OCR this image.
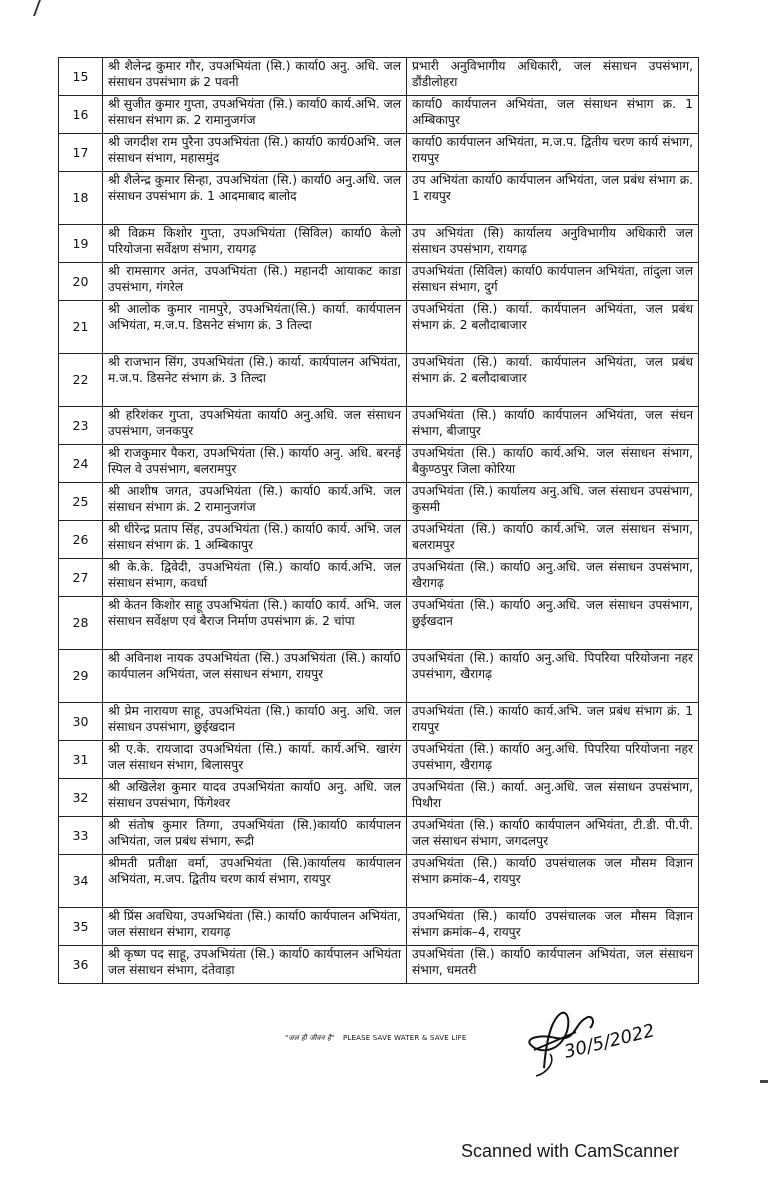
15	श्री शैलेन्द्र कुमार गौर, उपअभियंता (सि.) कार्या0 अनु. अधि. जल संसाधन उपसंभाग क्रं 2 पवनी	प्रभारी अनुविभागीय अधिकारी, जल संसाधन उपसंभाग, डौंडीलोहरा
16	श्री सुजीत कुमार गुप्ता, उपअभियंता (सि.) कार्या0 कार्य.अभि. जल संसाधन संभाग क्र. 2 रामानुजगंज	कार्या0 कार्यपालन अभियंता, जल संसाधन संभाग क्र. 1 अम्बिकापुर
17	श्री जगदीश राम पुरैना उपअभियंता (सि.) कार्या0 कार्य0अभि. जल संसाधन संभाग, महासमुंद	कार्या0 कार्यपालन अभियंता, म.ज.प. द्वितीय चरण कार्य संभाग, रायपुर
18	श्री शैलेन्द्र कुमार सिन्हा, उपअभियंता (सि.) कार्या0 अनु.अधि. जल संसाधन उपसंभाग क्रं. 1 आदमाबाद बालोद	उप अभियंता कार्या0 कार्यपालन अभियंता, जल प्रबंध संभाग क्र. 1 रायपुर
19	श्री विक्रम किशोर गुप्ता, उपअभियंता (सिविल) कार्या0 केलो परियोजना सर्वेक्षण संभाग, रायगढ़	उप अभियंता (सि) कार्यालय अनुविभागीय अधिकारी जल संसाधन उपसंभाग, रायगढ़
20	श्री रामसागर अनंत, उपअभियंता (सि.) महानदी आयाकट काडा उपसंभाग, गंगरेल	उपअभियंता (सिविल) कार्या0 कार्यपालन अभियंता, तांदुला जल संसाधन संभाग, दुर्ग
21	श्री आलोक कुमार नामपुरे, उपअभियंता(सि.) कार्या. कार्यपालन अभियंता, म.ज.प. डिसनेट संभाग क्रं. 3 तिल्दा	उपअभियंता (सि.) कार्या. कार्यपालन अभियंता, जल प्रबंध संभाग क्रं. 2 बलौदाबाजार
22	श्री राजभान सिंग, उपअभियंता (सि.) कार्या. कार्यपालन अभियंता, म.ज.प. डिसनेट संभाग क्रं. 3 तिल्दा	उपअभियंता (सि.) कार्या. कार्यपालन अभियंता, जल प्रबंध संभाग क्रं. 2 बलौदाबाजार
23	श्री हरिशंकर गुप्ता, उपअभियंता कार्या0 अनु.अधि. जल संसाधन उपसंभाग, जनकपुर	उपअभियंता (सि.) कार्या0 कार्यपालन अभियंता, जल संधन संभाग, बीजापुर
24	श्री राजकुमार पैकरा, उपअभियंता (सि.) कार्या0 अनु. अधि. बरनई स्पिल वे उपसंभाग, बलरामपुर	उपअभियंता (सि.) कार्या0 कार्य.अभि. जल संसाधन संभाग, बैकुण्ठपुर जिला कोरिया
25	श्री आशीष जगत, उपअभियंता (सि.) कार्या0 कार्य.अभि. जल संसाधन संभाग क्रं. 2 रामानुजगंज	उपअभियंता (सि.) कार्यालय अनु.अधि. जल संसाधन उपसंभाग, कुसमी
26	श्री धीरेन्द्र प्रताप सिंह, उपअभियंता (सि.) कार्या0 कार्य. अभि. जल संसाधन संभाग क्रं. 1 अम्बिकापुर	उपअभियंता (सि.) कार्या0 कार्य.अभि. जल संसाधन संभाग, बलरामपुर
27	श्री के.के. द्विवेदी, उपअभियंता (सि.) कार्या0 कार्य.अभि. जल संसाधन संभाग, कवर्धा	उपअभियंता (सि.) कार्या0 अनु.अधि. जल संसाधन उपसंभाग, खैरागढ़
28	श्री केतन किशोर साहू उपअभियंता (सि.) कार्या0 कार्य. अभि. जल संसाधन सर्वेक्षण एवं बैराज निर्माण उपसंभाग क्रं. 2 चांपा	उपअभियंता (सि.) कार्या0 अनु.अधि. जल संसाधन उपसंभाग, छुईखदान
29	श्री अविनाश नायक उपअभियंता (सि.) उपअभियंता (सि.) कार्या0 कार्यपालन अभियंता, जल संसाधन संभाग, रायपुर	उपअभियंता (सि.) कार्या0 अनु.अधि. पिपरिया परियोजना नहर उपसंभाग, खैरागढ़
30	श्री प्रेम नारायण साहू, उपअभियंता (सि.) कार्या0 अनु. अधि. जल संसाधन उपसंभाग, छुईखदान	उपअभियंता (सि.) कार्या0 कार्य.अभि. जल प्रबंध संभाग क्रं. 1 रायपुर
31	श्री ए.के. रायजादा उपअभियंता (सि.) कार्या. कार्य.अभि. खारंग जल संसाधन संभाग, बिलासपुर	उपअभियंता (सि.) कार्या0 अनु.अधि. पिपरिया परियोजना नहर उपसंभाग, खैरागढ़
32	श्री अखिलेश कुमार यादव उपअभियंता कार्या0 अनु. अधि. जल संसाधन उपसंभाग, फिंगेश्वर	उपअभियंता (सि.) कार्या. अनु.अधि. जल संसाधन उपसंभाग, पिथौरा
33	श्री संतोष कुमार तिग्गा, उपअभियंता (सि.)कार्या0 कार्यपालन अभियंता, जल प्रबंध संभाग, रूद्री	उपअभियंता (सि.) कार्या0 कार्यपालन अभियंता, टी.डी. पी.पी. जल संसाधन संभाग, जगदलपुर
34	श्रीमती प्रतीक्षा वर्मा, उपअभियंता (सि.)कार्यालय कार्यपालन अभियंता, म.जप. द्वितीय चरण कार्य संभाग, रायपुर	उपअभियंता (सि.) कार्या0 उपसंचालक जल मौसम विज्ञान संभाग क्रमांक–4, रायपुर
35	श्री प्रिंस अवधिया, उपअभियंता (सि.) कार्या0 कार्यपालन अभियंता, जल संसाधन संभाग, रायगढ़	उपअभियंता (सि.) कार्या0 उपसंचालक जल मौसम विज्ञान संभाग क्रमांक–4, रायपुर
36	श्री कृष्ण पद साहू, उपअभियंता (सि.) कार्या0 कार्यपालन अभियंता जल संसाधन संभाग, दंतेवाड़ा	उपअभियंता (सि.) कार्या0 कार्यपालन अभियंता, जल संसाधन संभाग, धमतरी
"जल ही जीवन है" PLEASE SAVE WATER & SAVE LIFE	30/5/2022
Scanned with CamScanner
